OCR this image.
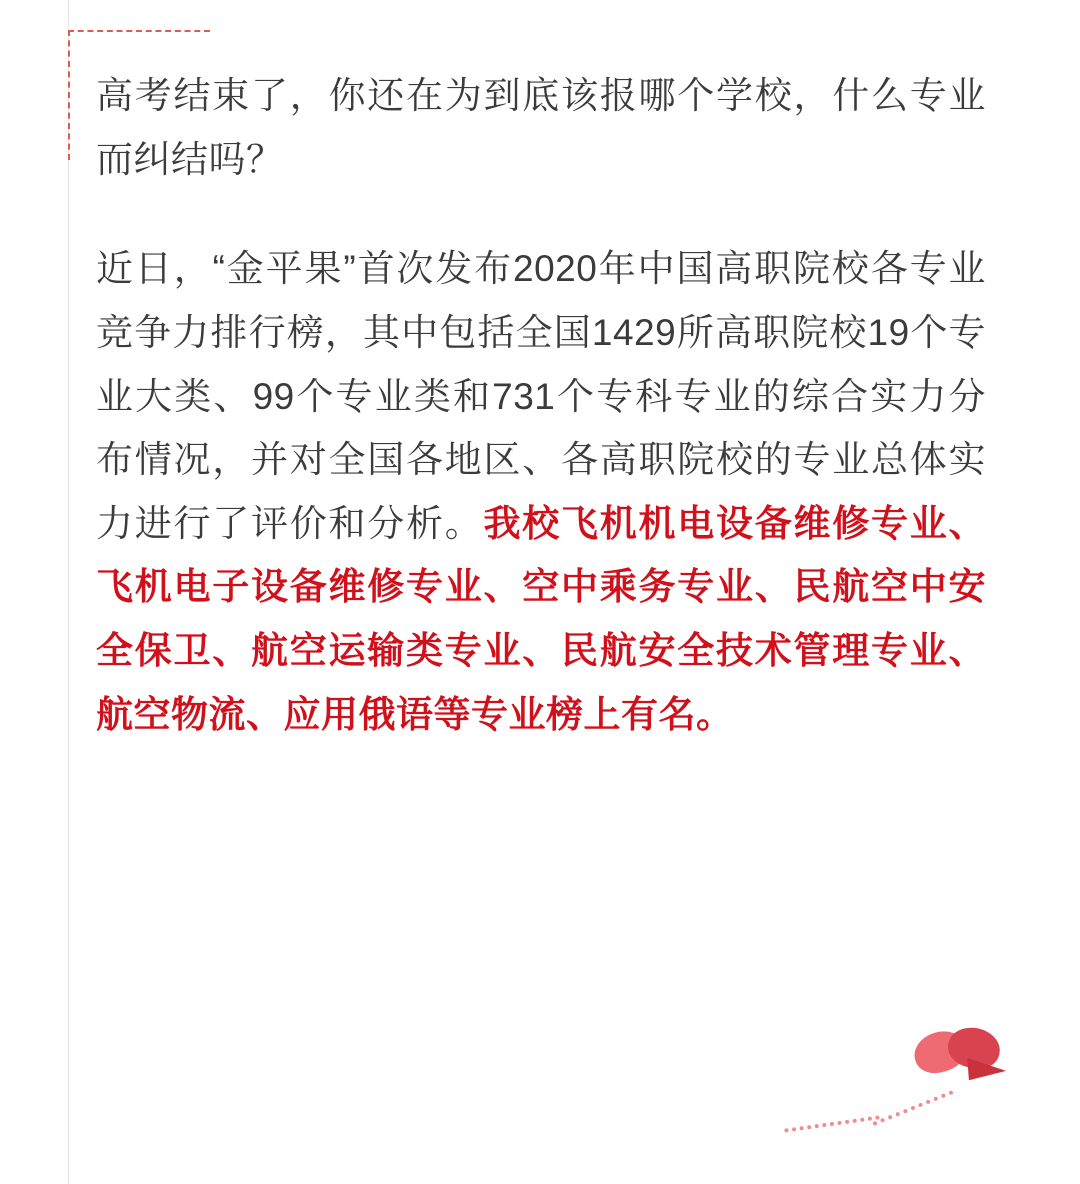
高考结束了，你还在为到底该报哪个学校，什么专业而纠结吗？

近日，“金平果”首次发布2020年中国高职院校各专业竞争力排行榜，其中包括全国1429所高职院校19个专业大类、99个专业类和731个专科专业的综合实力分布情况，并对全国各地区、各高职院校的专业总体实力进行了评价和分析。我校飞机机电设备维修专业、飞机电子设备维修专业、空中乘务专业、民航空中安全保卫、航空运输类专业、民航安全技术管理专业、航空物流、应用俄语等专业榜上有名。
